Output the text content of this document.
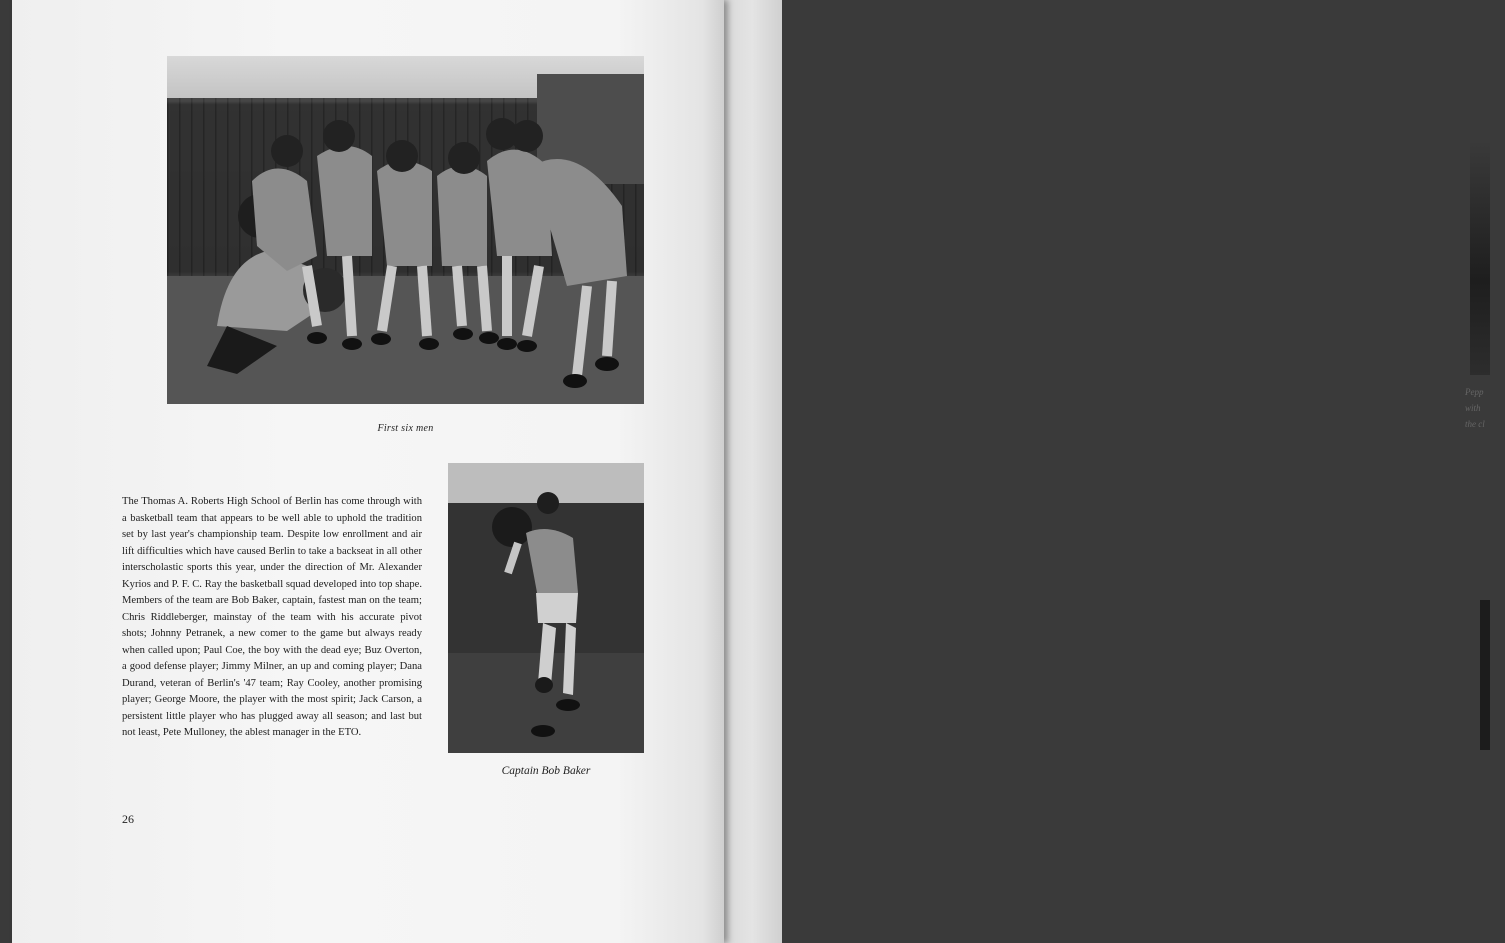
Pepp
with
the cl
First six men
Captain Bob Baker
The Thomas A. Roberts High School of Berlin has come through with a basketball team that appears to be well able to uphold the tradition set by last year's championship team. Despite low enrollment and air lift difficulties which have caused Berlin to take a backseat in all other interscholastic sports this year, under the direction of Mr. Alexander Kyrios and P. F. C. Ray the basketball squad developed into top shape. Members of the team are Bob Baker, captain, fastest man on the team; Chris Riddleberger, mainstay of the team with his accurate pivot shots; Johnny Petranek, a new comer to the game but always ready when called upon; Paul Coe, the boy with the dead eye; Buz Overton, a good defense player; Jimmy Milner, an up and coming player; Dana Durand, veteran of Berlin's '47 team; Ray Cooley, another promising player; George Moore, the player with the most spirit; Jack Carson, a persistent little player who has plugged away all season; and last but not least, Pete Mulloney, the ablest manager in the ETO.
26
